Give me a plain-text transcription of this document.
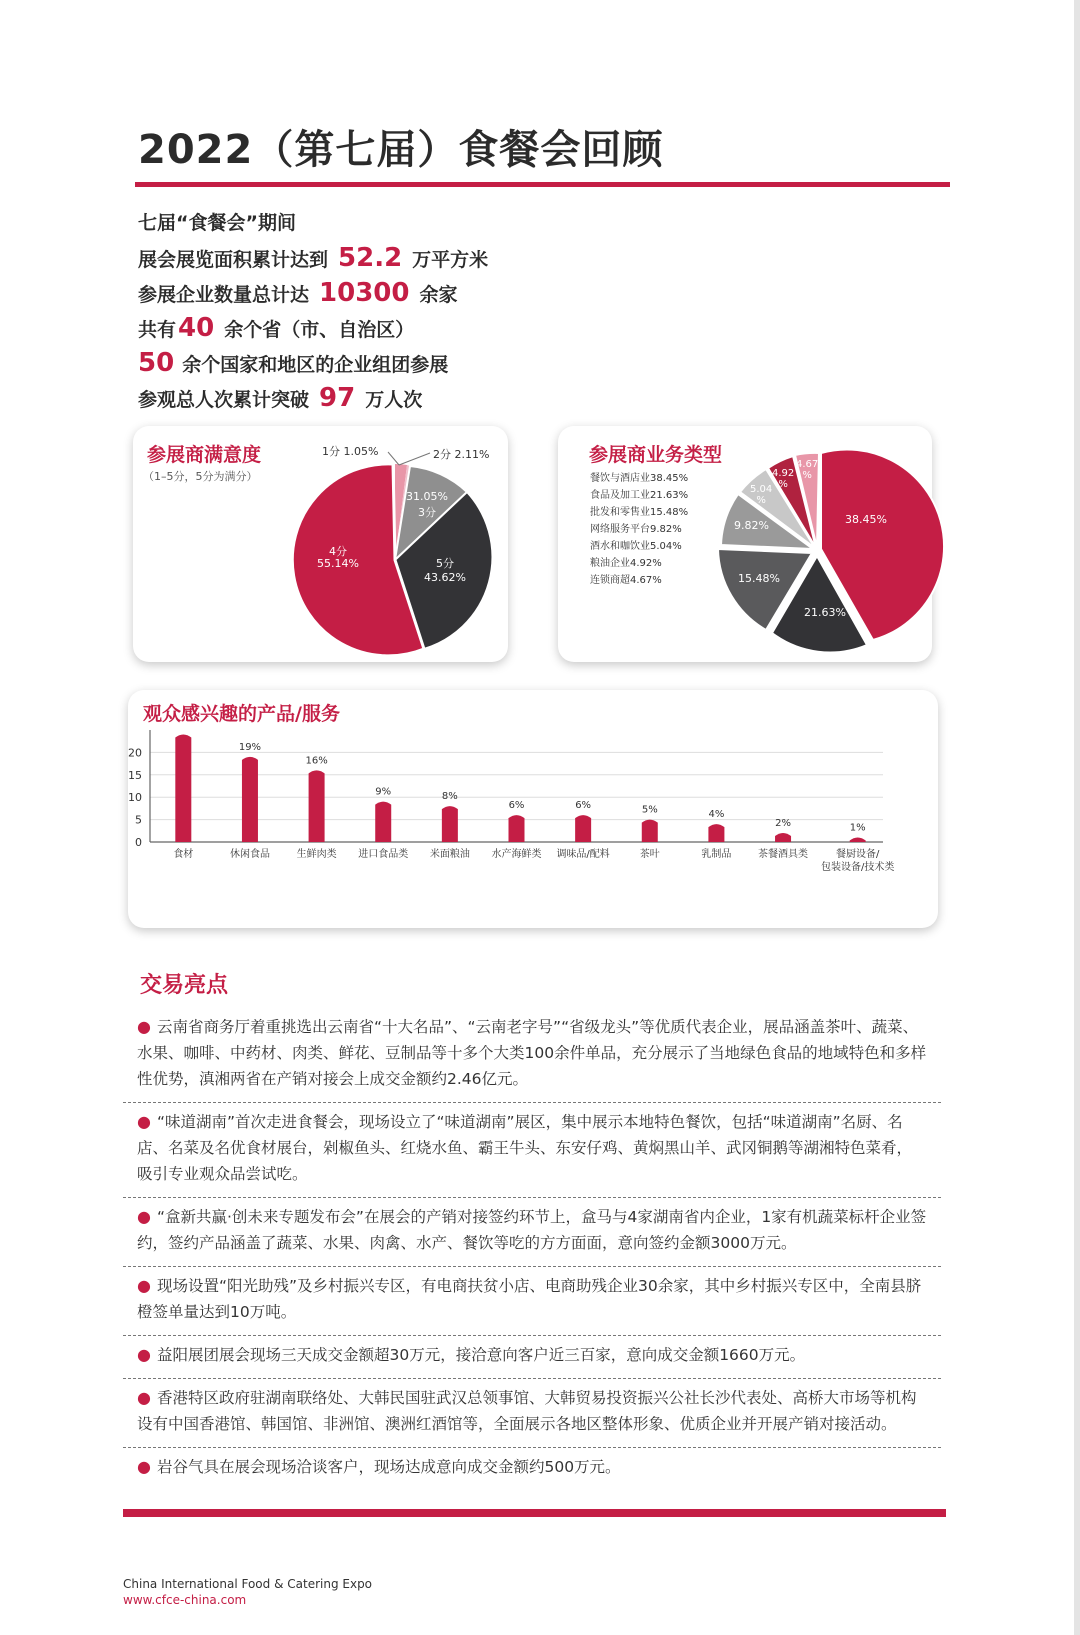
2022（第七届）食餐会回顾
七届“食餐会”期间
展会展览面积累计达到 52.2 万平方米
参展企业数量总计达 10300 余家
共有40 余个省（市、自治区）
50 余个国家和地区的企业组团参展
参观总人次累计突破 97 万人次
参展商满意度
（1–5分，5分为满分）
1分 1.05%	2分 2.11%
31.05%
3分
5分
43.62%
4分
55.14%
参展商业务类型
餐饮与酒店业38.45%
食品及加工业21.63%
批发和零售业15.48%
网络服务平台9.82%
酒水和咖饮业5.04%
粮油企业4.92%
连锁商超4.67%
38.45%
21.63%
15.48%
9.82%
5.04
%
4.92
%
4.67
%
观众感兴趣的产品/服务
0
5
10
15
20
食材
19%
休闲食品
16%
生鲜肉类
9%
进口食品类
8%
米面粮油
6%
水产海鲜类
6%
调味品/配料
5%
茶叶
4%
乳制品
2%
茶餐酒具类
1%
餐厨设备/
包装设备/技术类
交易亮点
● 云南省商务厅着重挑选出云南省“十大名品”、“云南老字号”“省级龙头”等优质代表企业，展品涵盖茶叶、蔬菜、水果、咖啡、中药材、肉类、鲜花、豆制品等十多个大类100余件单品，充分展示了当地绿色食品的地域特色和多样性优势，滇湘两省在产销对接会上成交金额约2.46亿元。
● “味道湖南”首次走进食餐会，现场设立了“味道湖南”展区，集中展示本地特色餐饮，包括“味道湖南”名厨、名店、名菜及名优食材展台，剁椒鱼头、红烧水鱼、霸王牛头、东安仔鸡、黄焖黑山羊、武冈铜鹅等湖湘特色菜肴，吸引专业观众品尝试吃。
● “盒新共赢·创未来专题发布会”在展会的产销对接签约环节上，盒马与4家湖南省内企业，1家有机蔬菜标杆企业签约，签约产品涵盖了蔬菜、水果、肉禽、水产、餐饮等吃的方方面面，意向签约金额3000万元。
● 现场设置“阳光助残”及乡村振兴专区，有电商扶贫小店、电商助残企业30余家，其中乡村振兴专区中，全南县脐橙签单量达到10万吨。
● 益阳展团展会现场三天成交金额超30万元，接洽意向客户近三百家，意向成交金额1660万元。
● 香港特区政府驻湖南联络处、大韩民国驻武汉总领事馆、大韩贸易投资振兴公社长沙代表处、高桥大市场等机构设有中国香港馆、韩国馆、非洲馆、澳洲红酒馆等，全面展示各地区整体形象、优质企业并开展产销对接活动。
● 岩谷气具在展会现场洽谈客户，现场达成意向成交金额约500万元。
China International Food & Catering Expo
www.cfce-china.com
